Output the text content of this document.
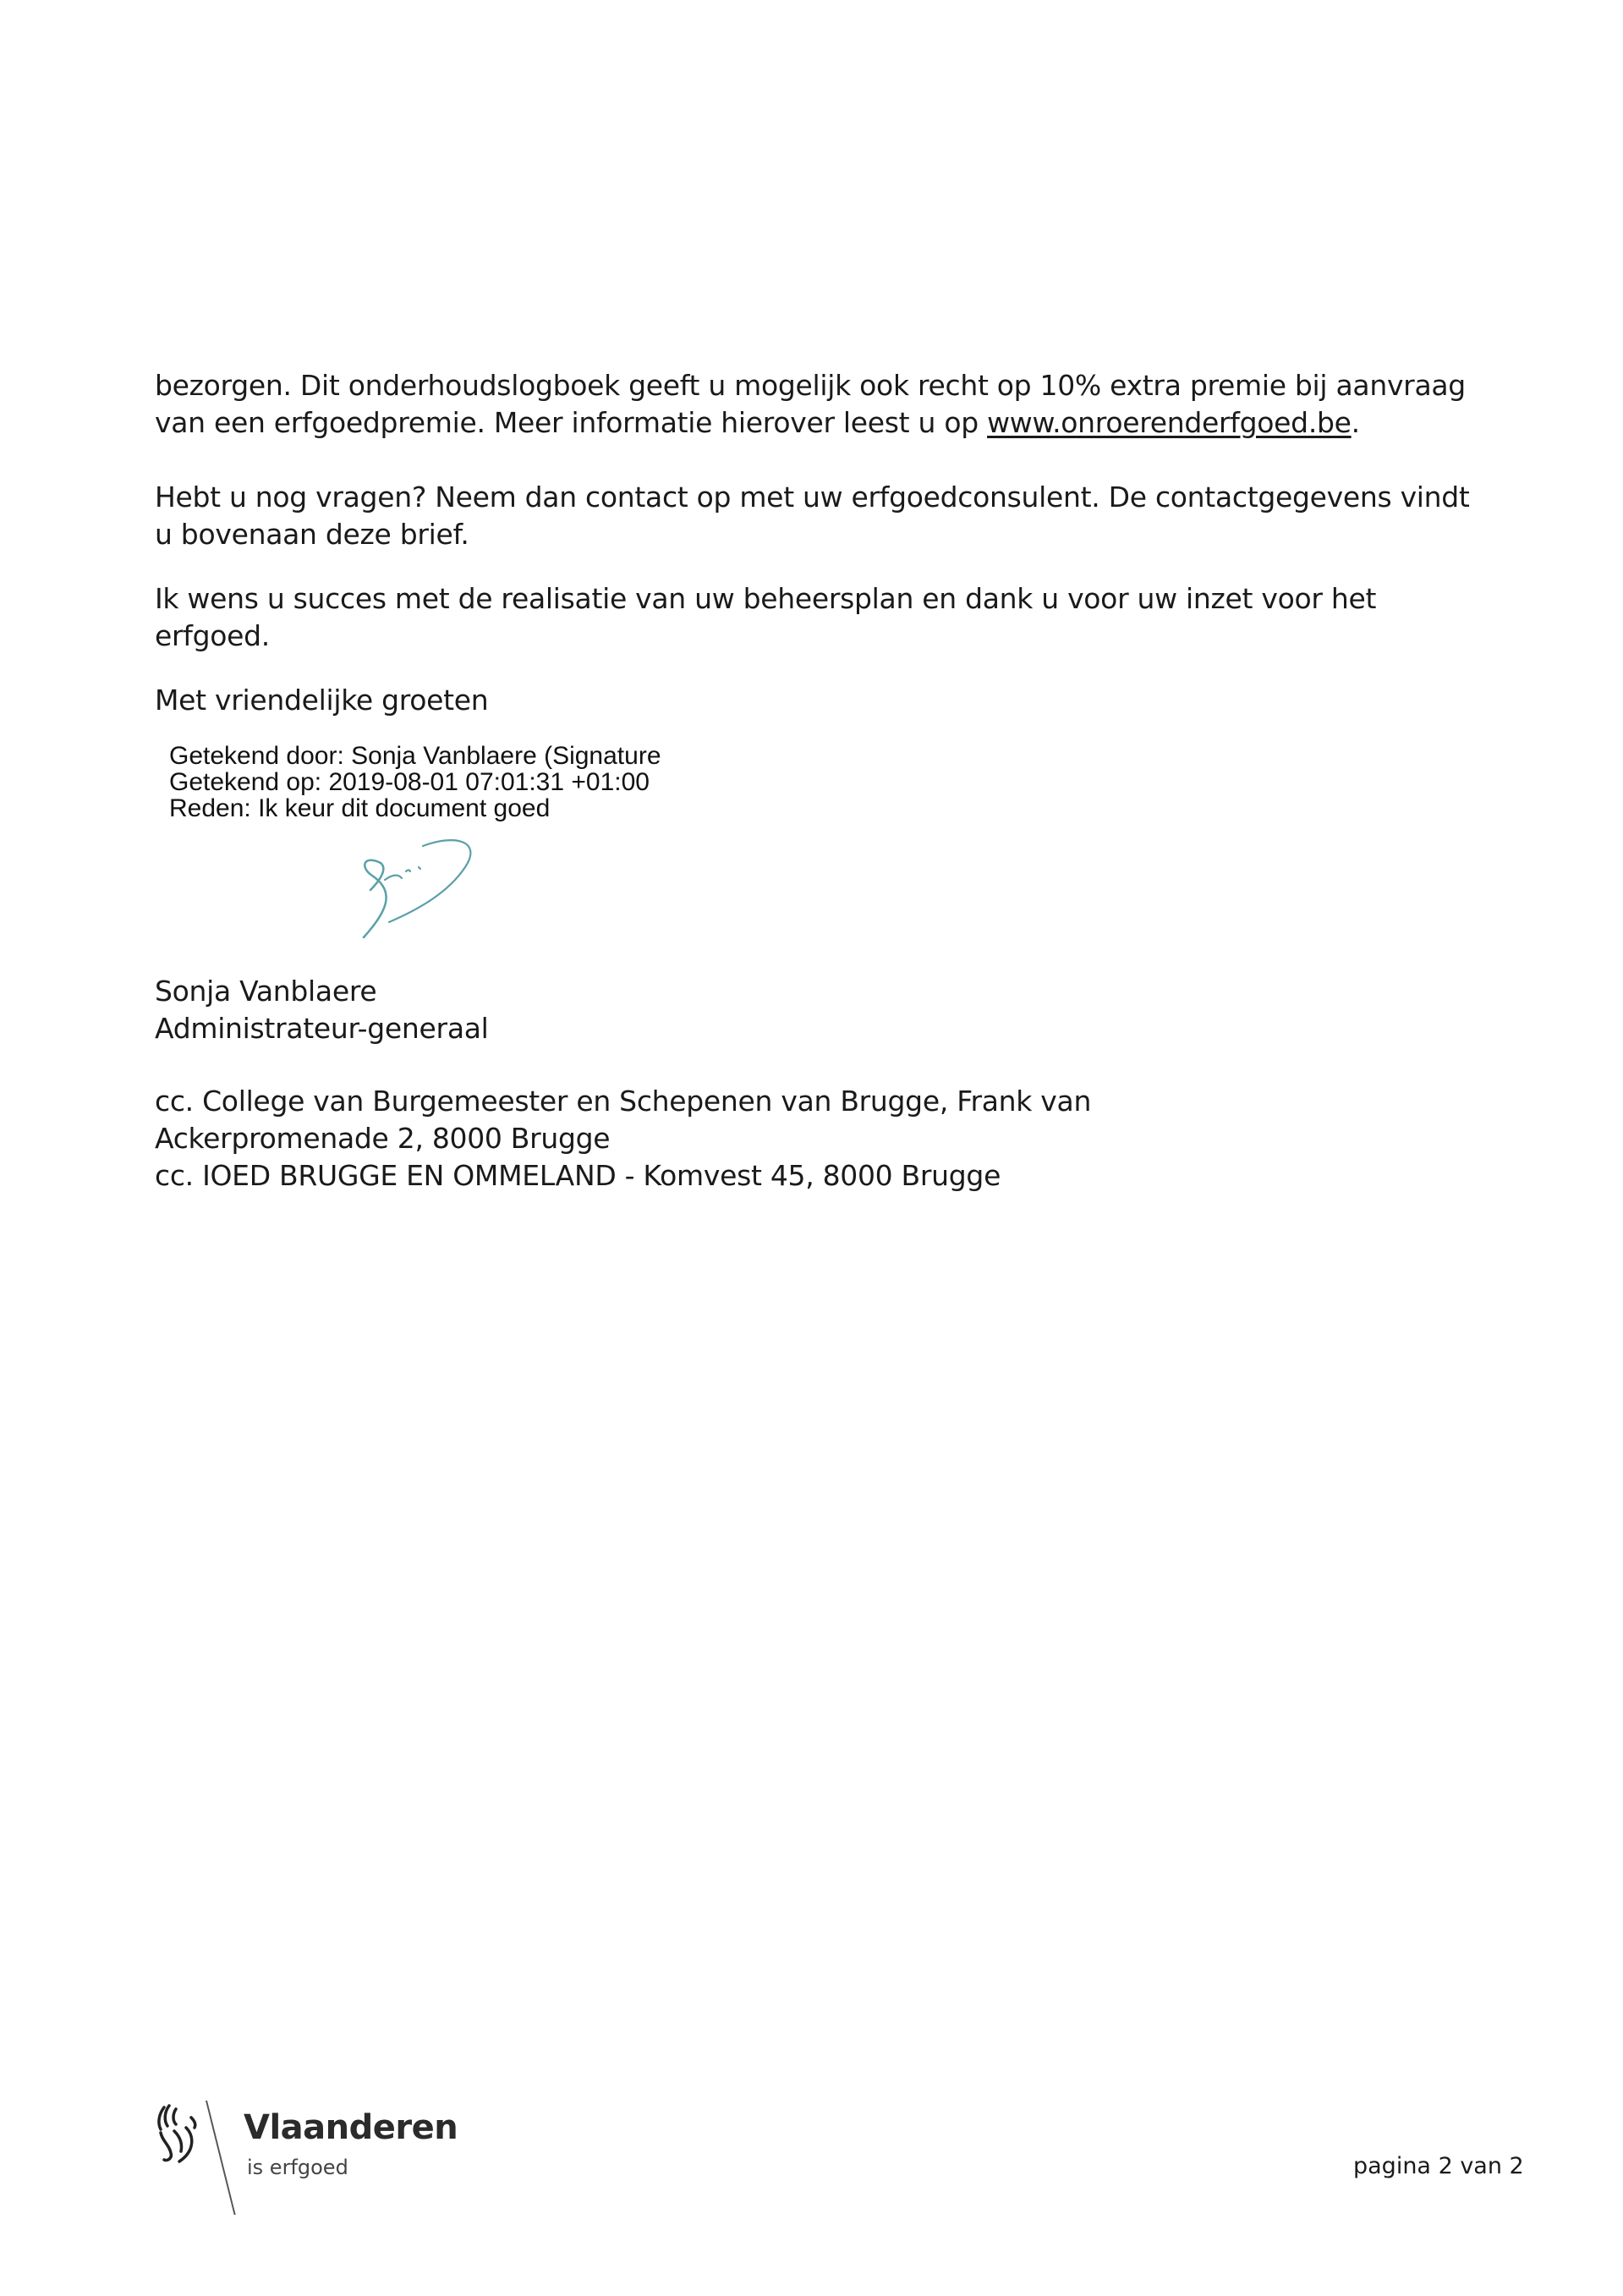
bezorgen. Dit onderhoudslogboek geeft u mogelijk ook recht op 10% extra premie bij aanvraag van een erfgoedpremie. Meer informatie hierover leest u op www.onroerenderfgoed.be.

Hebt u nog vragen? Neem dan contact op met uw erfgoedconsulent. De contactgegevens vindt u bovenaan deze brief.

Ik wens u succes met de realisatie van uw beheersplan en dank u voor uw inzet voor het erfgoed.

Met vriendelijke groeten

Getekend door: Sonja Vanblaere (Signature
Getekend op: 2019-08-01 07:01:31 +01:00
Reden: Ik keur dit document goed

Sonja Vanblaere

Administrateur-generaal

cc. College van Burgemeester en Schepenen van Brugge, Frank van

Ackerpromenade 2, 8000 Brugge

cc. IOED BRUGGE EN OMMELAND - Komvest 45, 8000 Brugge

Vlaanderen
is erfgoed	pagina 2 van 2
